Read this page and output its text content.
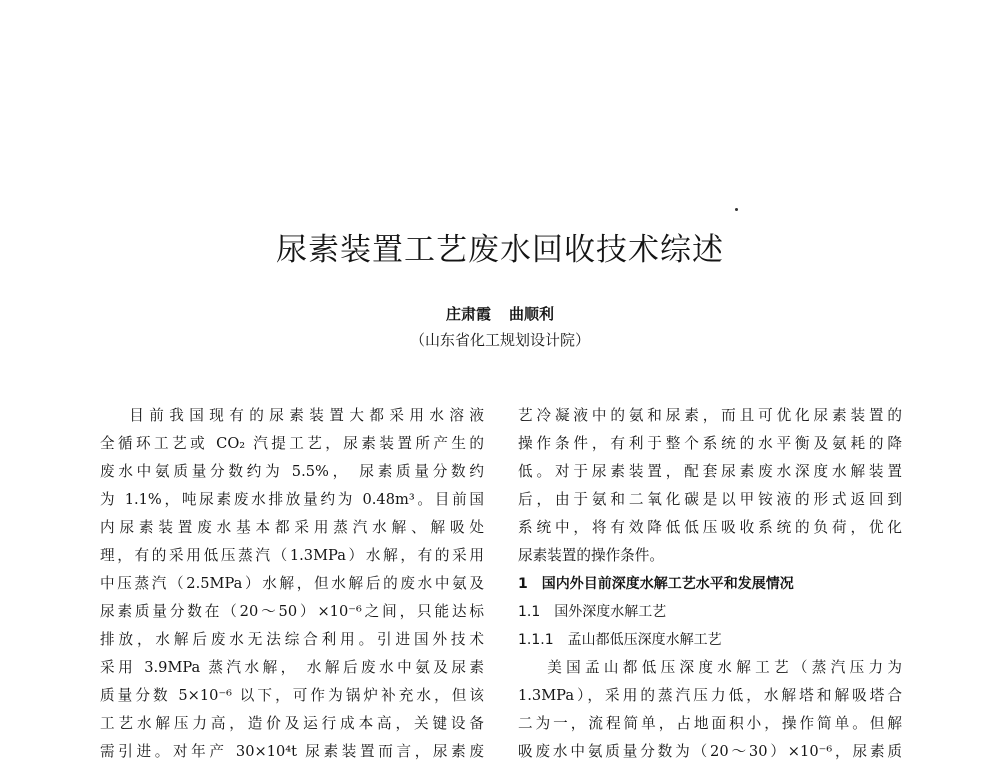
尿素装置工艺废水回收技术综述
庄肃霞 曲顺利
（山东省化工规划设计院）

目前我国现有的尿素装置大都采用水溶液

全循环工艺或 CO₂ 汽提工艺，尿素装置所产生的

废水中氨质量分数约为 5.5%， 尿素质量分数约

为 1.1%，吨尿素废水排放量约为 0.48m³。目前国

内尿素装置废水基本都采用蒸汽水解、解吸处

理，有的采用低压蒸汽（1.3MPa）水解，有的采用

中压蒸汽（2.5MPa）水解，但水解后的废水中氨及

尿素质量分数在（20～50）×10⁻⁶之间，只能达标

排放，水解后废水无法综合利用。引进国外技术

采用 3.9MPa 蒸汽水解， 水解后废水中氨及尿素

质量分数 5×10⁻⁶ 以下，可作为锅炉补充水，但该

工艺水解压力高，造价及运行成本高，关键设备

需引进。对年产 30×10⁴t 尿素装置而言，尿素废

艺冷凝液中的氨和尿素，而且可优化尿素装置的

操作条件，有利于整个系统的水平衡及氨耗的降

低。对于尿素装置，配套尿素废水深度水解装置

后，由于氨和二氧化碳是以甲铵液的形式返回到

系统中，将有效降低低压吸收系统的负荷，优化

尿素装置的操作条件。

1　国内外目前深度水解工艺水平和发展情况

1.1　国外深度水解工艺

1.1.1　孟山都低压深度水解工艺

美国孟山都低压深度水解工艺（蒸汽压力为

1.3MPa），采用的蒸汽压力低，水解塔和解吸塔合

二为一，流程简单，占地面积小，操作简单。但解

吸废水中氨质量分数为（20～30）×10⁻⁶，尿素质
